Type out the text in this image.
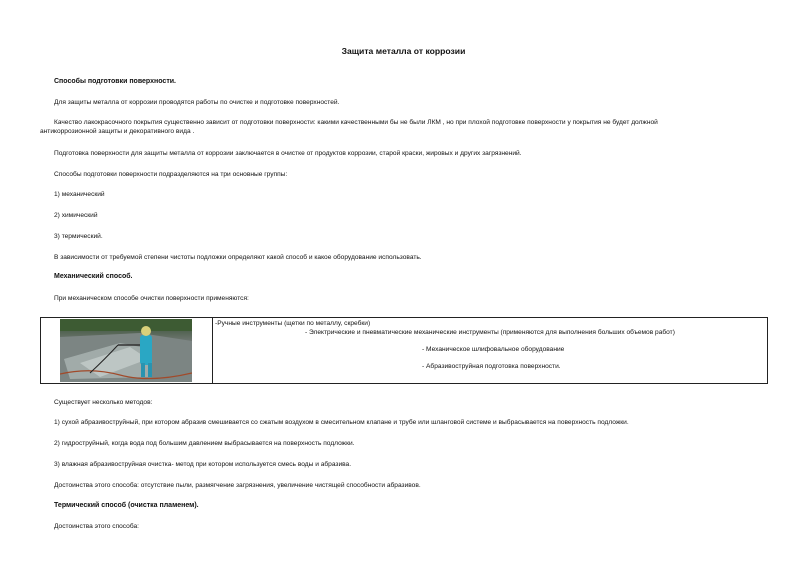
Защита металла от коррозии
Способы подготовки поверхности.
Для защиты металла от коррозии проводятся работы по очистке и подготовке поверхностей.
Качество лакокрасочного покрытия существенно зависит от подготовки поверхности: какими качественными бы не были ЛКМ , но при плохой подготовке поверхности у покрытия не будет должной
антикоррозионной защиты и декоративного вида .
Подготовка поверхности для защиты металла от коррозии заключается в очистке от продуктов коррозии, старой краски, жировых и других загрязнений.
Способы подготовки поверхности подразделяются на три основные группы:
1) механический
2) химический
3) термический.
В зависимости от требуемой степени чистоты подложки определяют какой способ и какое оборудование использовать.
Механический способ.
При механическом способе очистки поверхности применяются:
-Ручные инструменты (щетки по металлу, скребки)
- Электрические и пневматические механические инструменты (применяются для выполнения больших объемов работ)
- Механическое шлифовальное оборудование
- Абразивоструйная подготовка поверхности.
Существует несколько методов:
1) сухой абразивоструйный, при котором абразив смешивается со сжатым воздухом в смесительном клапане и трубе или шланговой системе и выбрасывается на поверхность подложки.
2) гидроструйный, когда вода под большим давлением выбрасывается на поверхность подложки.
3) влажная абразивоструйная очистка- метод при котором используется смесь воды и абразива.
Достоинства этого способа: отсутствие пыли, размягчение загрязнения, увеличение чистящей способности абразивов.
Термический способ (очистка пламенем).
Достоинства этого способа:
